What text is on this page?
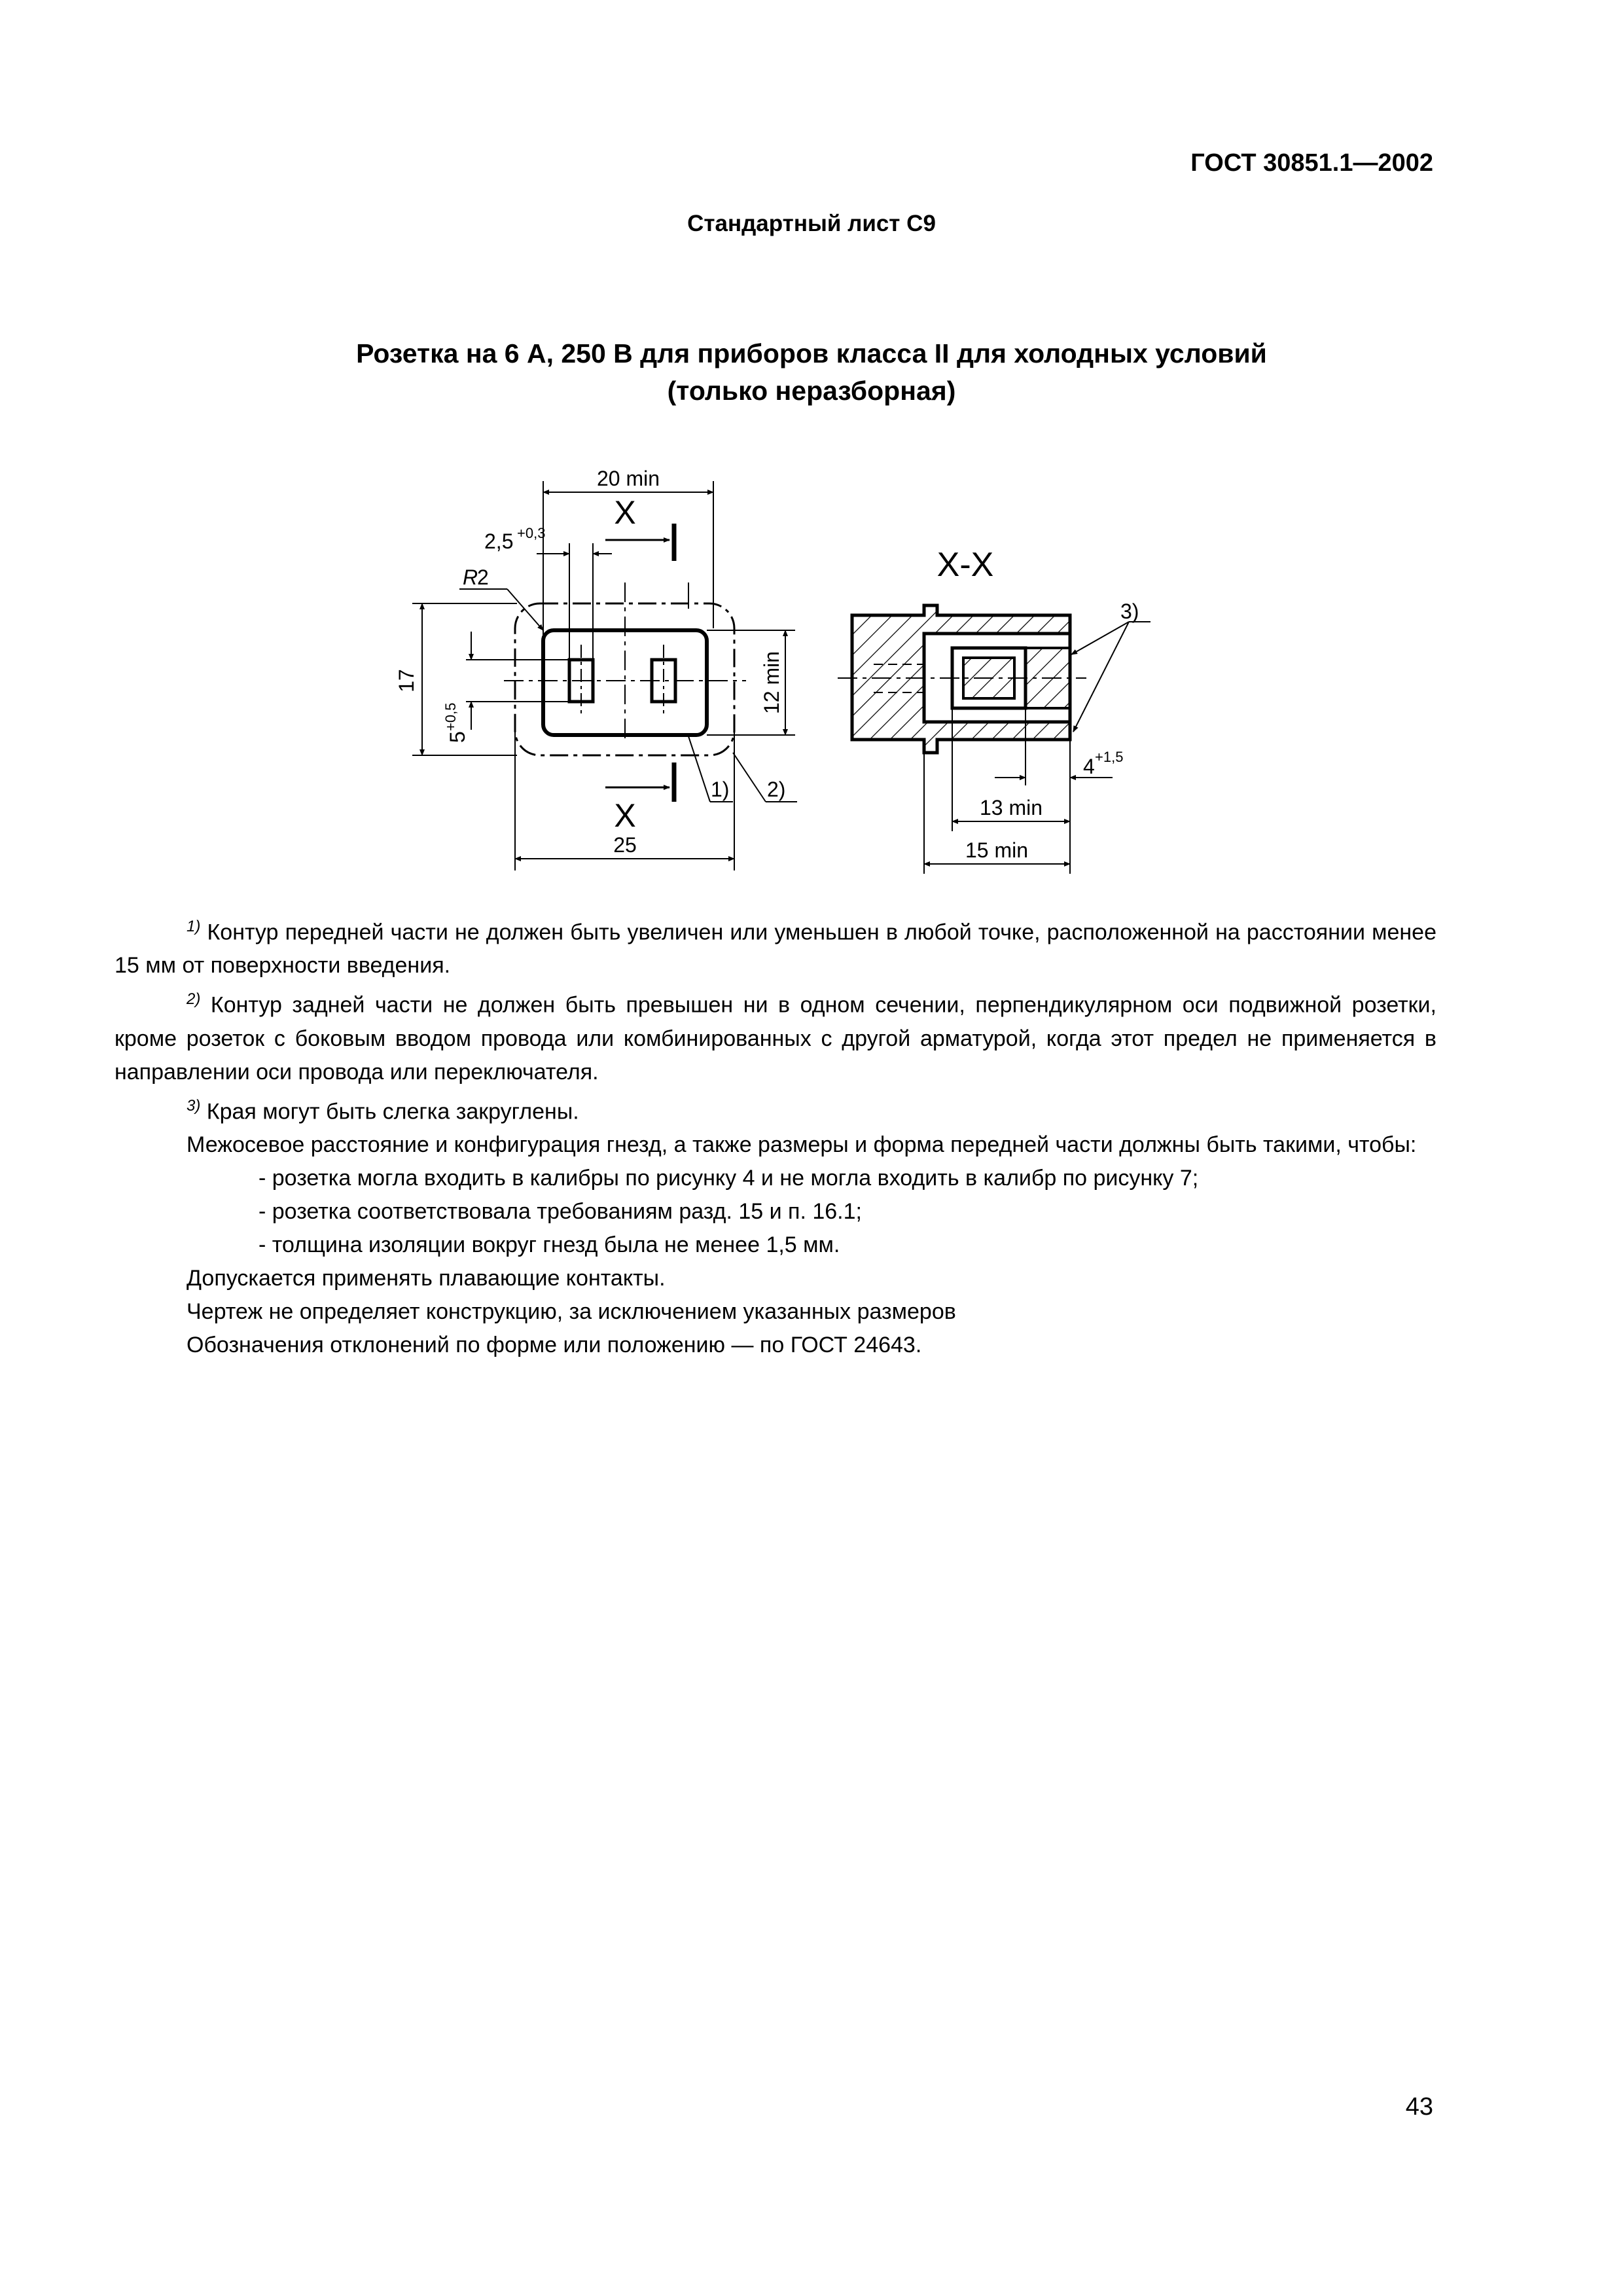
ГОСТ 30851.1—2002
Стандартный лист С9
Розетка на 6 А, 250 В для приборов класса II для холодных условий
(только неразборная)
20 min
2,5 +0,3
R
2
X
X
17
5
+0,5
12 min
25
1) 2)
X-X
3)
4 +1,5
13 min
15 min

$^{1)}$ Контур передней части не должен быть увеличен или уменьшен в любой точке, расположенной на расстоянии менее 15 мм от поверхности введения.

$^{2)}$ Контур задней части не должен быть превышен ни в одном сечении, перпендикулярном оси подвижной розетки, кроме розеток с боковым вводом провода или комбинированных с другой арматурой, когда этот предел не применяется в направлении оси провода или переключателя.

$^{3)}$ Края могут быть слегка закруглены.

Межосевое расстояние и конфигурация гнезд, а также размеры и форма передней части должны быть такими, чтобы:

- розетка могла входить в калибры по рисунку 4 и не могла входить в калибр по рисунку 7;

- розетка соответствовала требованиям разд. 15 и п. 16.1;

- толщина изоляции вокруг гнезд была не менее 1,5 мм.

Допускается применять плавающие контакты.

Чертеж не определяет конструкцию, за исключением указанных размеров

Обозначения отклонений по форме или положению — по ГОСТ 24643.

43
